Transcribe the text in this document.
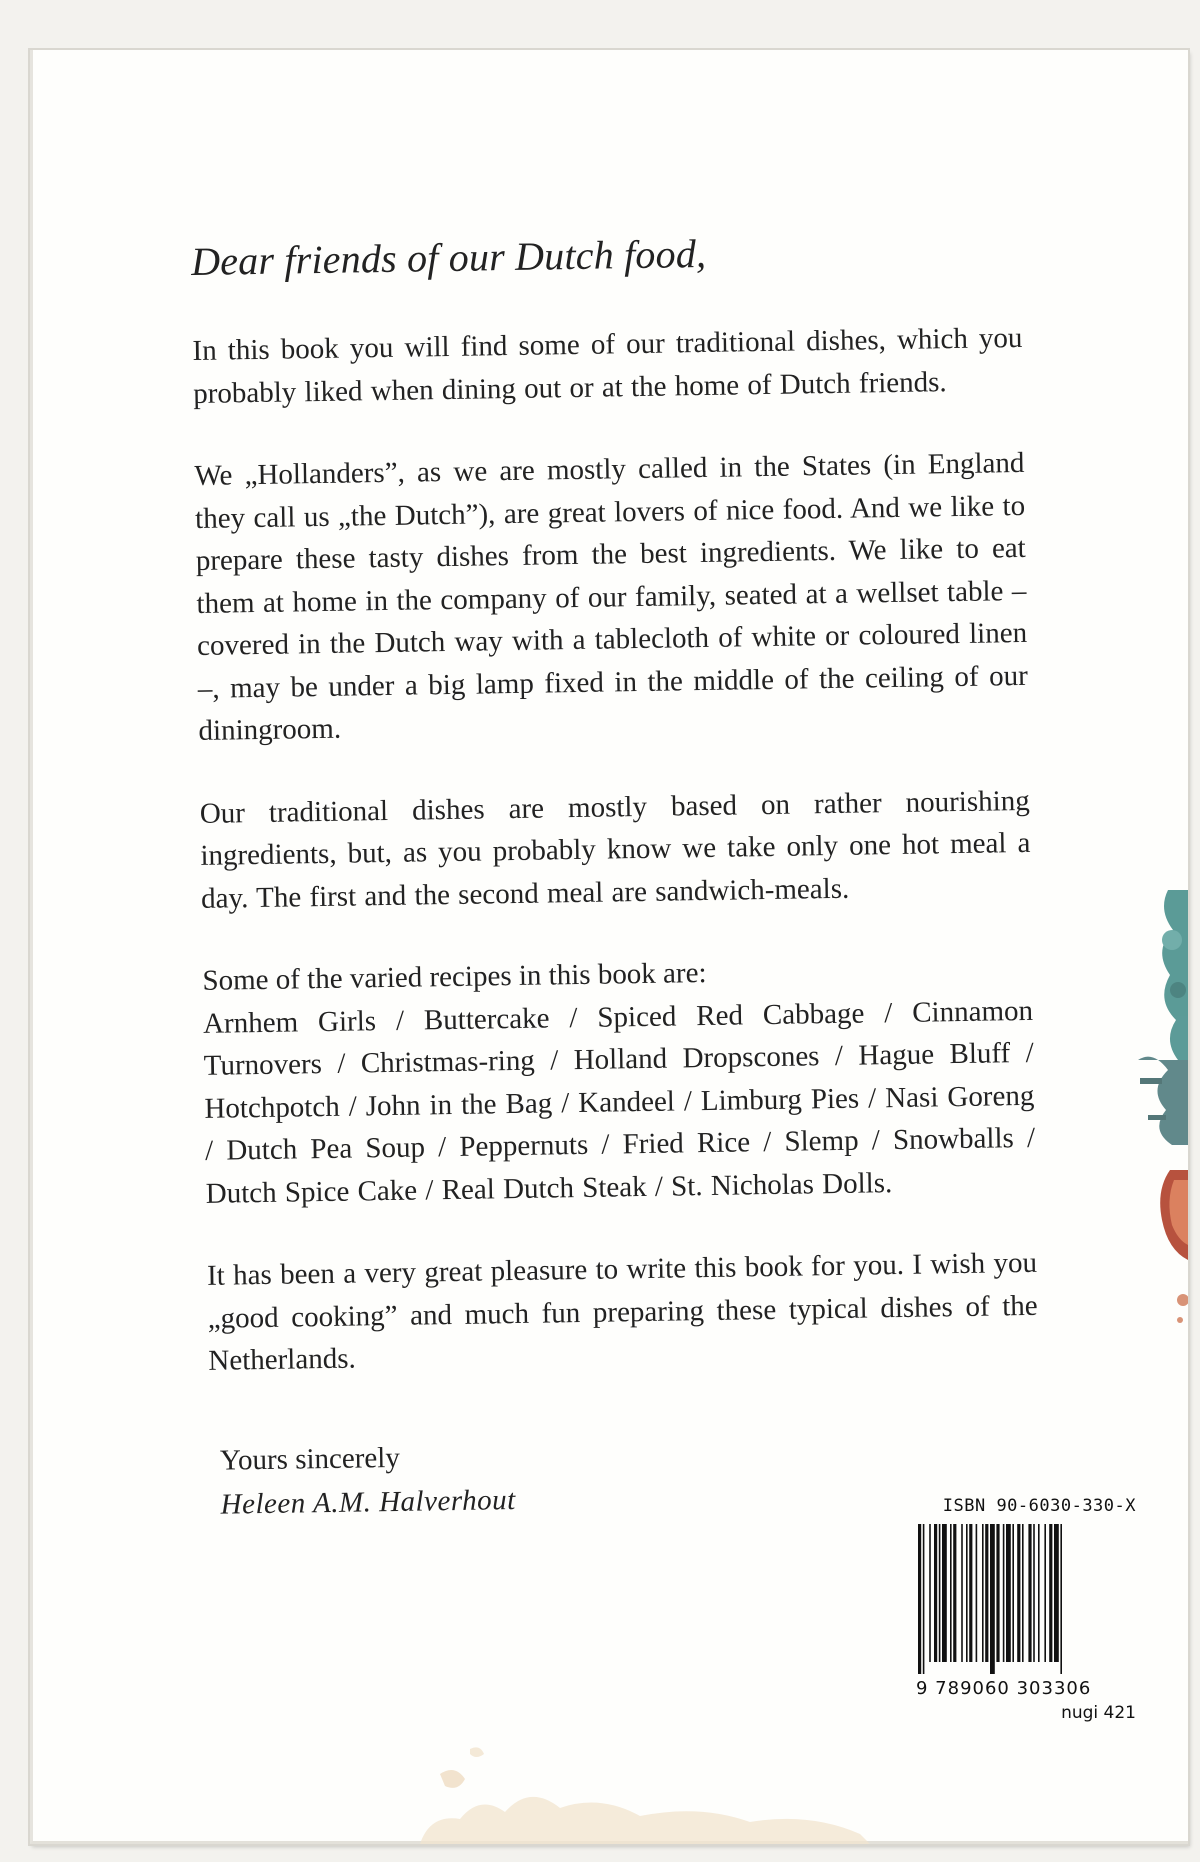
Dear friends of our Dutch food,

In this book you will find some of our traditional dishes, which you probably liked when dining out or at the home of Dutch friends.

We „Hollanders”, as we are mostly called in the States (in England they call us „the Dutch”), are great lovers of nice food. And we like to prepare these tasty dishes from the best ingredients. We like to eat them at home in the company of our family, seated at a wellset table – covered in the Dutch way with a tablecloth of white or coloured linen –, may be under a big lamp fixed in the middle of the ceiling of our diningroom.

Our traditional dishes are mostly based on rather nourishing ingredients, but, as you probably know we take only one hot meal a day. The first and the second meal are sandwich-meals.

Some of the varied recipes in this book are:

Arnhem Girls / Buttercake / Spiced Red Cabbage / Cinnamon Turnovers / Christmas-ring / Holland Dropscones / Hague Bluff / Hotchpotch / John in the Bag / Kandeel / Limburg Pies / Nasi Goreng / Dutch Pea Soup / Peppernuts / Fried Rice / Slemp / Snowballs / Dutch Spice Cake / Real Dutch Steak / St. Nicholas Dolls.

It has been a very great pleasure to write this book for you. I wish you „good cooking” and much fun preparing these typical dishes of the Netherlands.

Yours sincerely
Heleen A.M. Halverhout	ISBN 90-6030-330-X
9 789060 303306
nugi 421
